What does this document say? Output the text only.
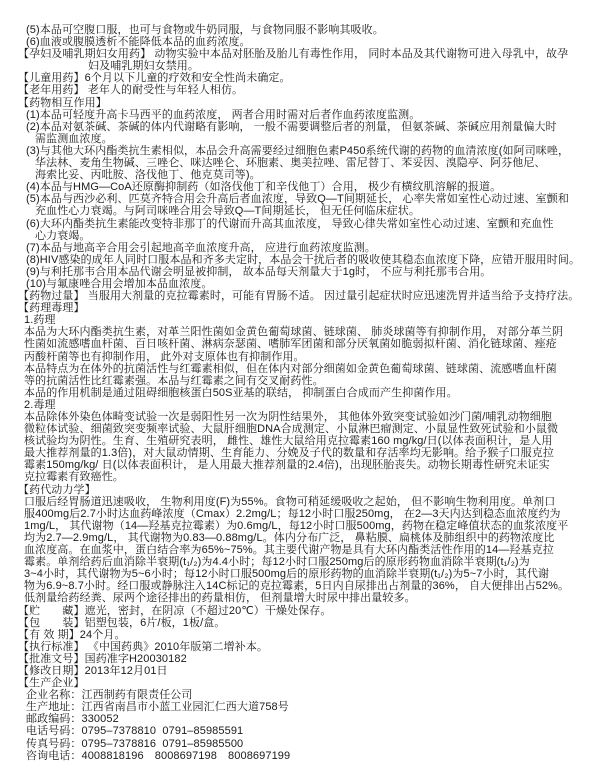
(5)本品可空腹口服，也可与食物或牛奶同服，与食物同服不影响其吸收。
(6)血液或腹膜透析不能降低本品的血药浓度。
【孕妇及哺乳期妇女用药】 动物实验中本品对胚胎及胎儿有毒性作用， 同时本品及其代谢物可进入母乳中，故孕
妇及哺乳期妇女禁用。
【儿童用药】6个月以下儿童的疗效和安全性尚未确定。
【老年用药】 老年人的耐受性与年轻人相仿。
【药物相互作用】
(1)本品可轻度升高卡马西平的血药浓度， 两者合用时需对后者作血药浓度监测。
(2)本品对氨茶碱、茶碱的体内代谢略有影响， 一般不需要调整后者的剂量， 但氨茶碱、茶碱应用剂量偏大时
需监测血浓度。
(3)与其他大环内酯类抗生素相似，本品会升高需要经过细胞色素P450系统代谢的药物的血清浓度(如阿司咪唑，
华法林、麦角生物碱、三唑仑、咪达唑仑、环胞素、奥美拉唑、雷尼替丁、苯妥因、溴隐亭、阿芬他尼、
海索比妥、丙吡胺、洛伐他丁、他克莫司等)。
(4)本品与HMG—CoA还原酶抑制药（如洛伐他丁和辛伐他丁）合用， 极少有横纹肌溶解的报道。
(5)本品与西沙必利、匹莫齐特合用会升高后者血浓度，导致Q—T间期延长， 心率失常如室性心动过速、室颤和
充血性心力衰竭。与阿司咪唑合用会导致Q—T间期延长， 但无任何临床症状。
(6)大环内酯类抗生素能改变特非那丁的代谢而升高其血浓度， 导致心律失常如室性心动过速、室颤和充血性
心力衰竭。
(7)本品与地高辛合用会引起地高辛血浓度升高， 应进行血药浓度监测。
(8)HIV感染的成年人同时口服本品和齐多夫定时，本品会干扰后者的吸收使其稳态血浓度下降，应错开服用时间。
(9)与利托那韦合用本品代谢会明显被抑制， 故本品每天剂量大于1g时， 不应与利托那韦合用。
(10)与氟康唑合用会增加本品血浓度。
【药物过量】 当服用大剂量的克拉霉素时，可能有胃肠不适。 因过量引起症状时应迅速洗胃并适当给予支持疗法。
【药理毒理】
1.药理
本品为大环内酯类抗生素，对革兰阳性菌如金黄色葡萄球菌、链球菌、 肺炎球菌等有抑制作用， 对部分革兰阴
性菌如流感嗜血杆菌、百日咳杆菌、淋病奈瑟菌、嗜肺军团菌和部分厌氧菌如脆弱拟杆菌、消化链球菌、痤疮
丙酸杆菌等也有抑制作用， 此外对支原体也有抑制作用。
本品特点为在体外的抗菌活性与红霉素相似，但在体内对部分细菌如金黄色葡萄球菌、链球菌、流感嗜血杆菌
等的抗菌活性比红霉素强。本品与红霉素之间有交叉耐药性。
本品的作用机制是通过阻碍细胞核蛋白50S亚基的联结， 抑制蛋白合成而产生抑菌作用。
2.毒理
本品除体外染色体畸变试验一次是弱阳性另一次为阴性结果外， 其他体外致突变试验如沙门菌/哺乳动物细胞
微粒体试验、细菌致突变频率试验、大鼠肝细胞DNA合成测定、小鼠淋巴瘤测定、小鼠显性致死试验和小鼠微
核试验均为阴性。生育、生殖研究表明， 雌性、雄性大鼠给用克拉霉素160 mg/kg/日(以体表面积计，是人用
最大推荐剂量的1.3倍)，对大鼠动情期、生育能力、分娩及子代的数量和存活率均无影响。给予猴子口服克拉
霉素150mg/kg/ 日(以体表面积计， 是人用最大推荐剂量的2.4倍)，出现胚胎丧失。动物长期毒性研究未证实
克拉霉素有致癌性。
【药代动力学】
口服后经胃肠道迅速吸收， 生物利用度(F)为55%。食物可稍延缓吸收之起始， 但不影响生物利用度。单剂口
服400mg后2.7小时达血药峰浓度（Cmax）2.2mg/L；每12小时口服250mg， 在2—3天内达到稳态血浓度约为
1mg/L， 其代谢物（14—羟基克拉霉素）为0.6mg/L，每12小时口服500mg，药物在稳定峰值状态的血浆浓度平
均为2.7—2.9mg/L， 其代谢物为0.83—0.88mg/L。体内分布广泛， 鼻粘膜、扁桃体及肺组织中的药物浓度比
血浓度高。在血浆中，蛋白结合率为65%~75%。其主要代谢产物是具有大环内酯类活性作用的14—羟基克拉
霉素。单剂给药后血消除半衰期(t₁/₂)为4.4小时；每12小时口服250mg后的原形药物血消除半衰期(t₁/₂)为
3~4小时，其代谢物为5~6小时；每12小时口服500mg后的原形药物的血消除半衰期(t₁/₂)为5~7小时，其代谢
物为6.9~8.7小时。经口服或静脉注入14C标记的克拉霉素，5日内自尿排出占剂量的36%， 自大便排出占52%。
低剂量给药经粪、尿两个途径排出的药量相仿， 但剂量增大时尿中排出量较多。
【贮　　藏】遮光，密封，在阴凉（不超过20℃）干燥处保存。
【包　　装】铝塑包装，6片/板，1板/盒。
【有 效 期】24个月。
【执行标准】 《中国药典》2010年版第二增补本。
【批准文号】国药准字H20030182
【修改日期】2013年12月01日
【生产企业】
企业名称：江西制药有限责任公司
生产地址：江西省南昌市小蓝工业园汇仁西大道758号
邮政编码：330052
电话号码：0795–7378810  0791–85985591
传真号码：0795–7378816  0791–85985500
咨询电话：4008818196　8008697198　8008697199
